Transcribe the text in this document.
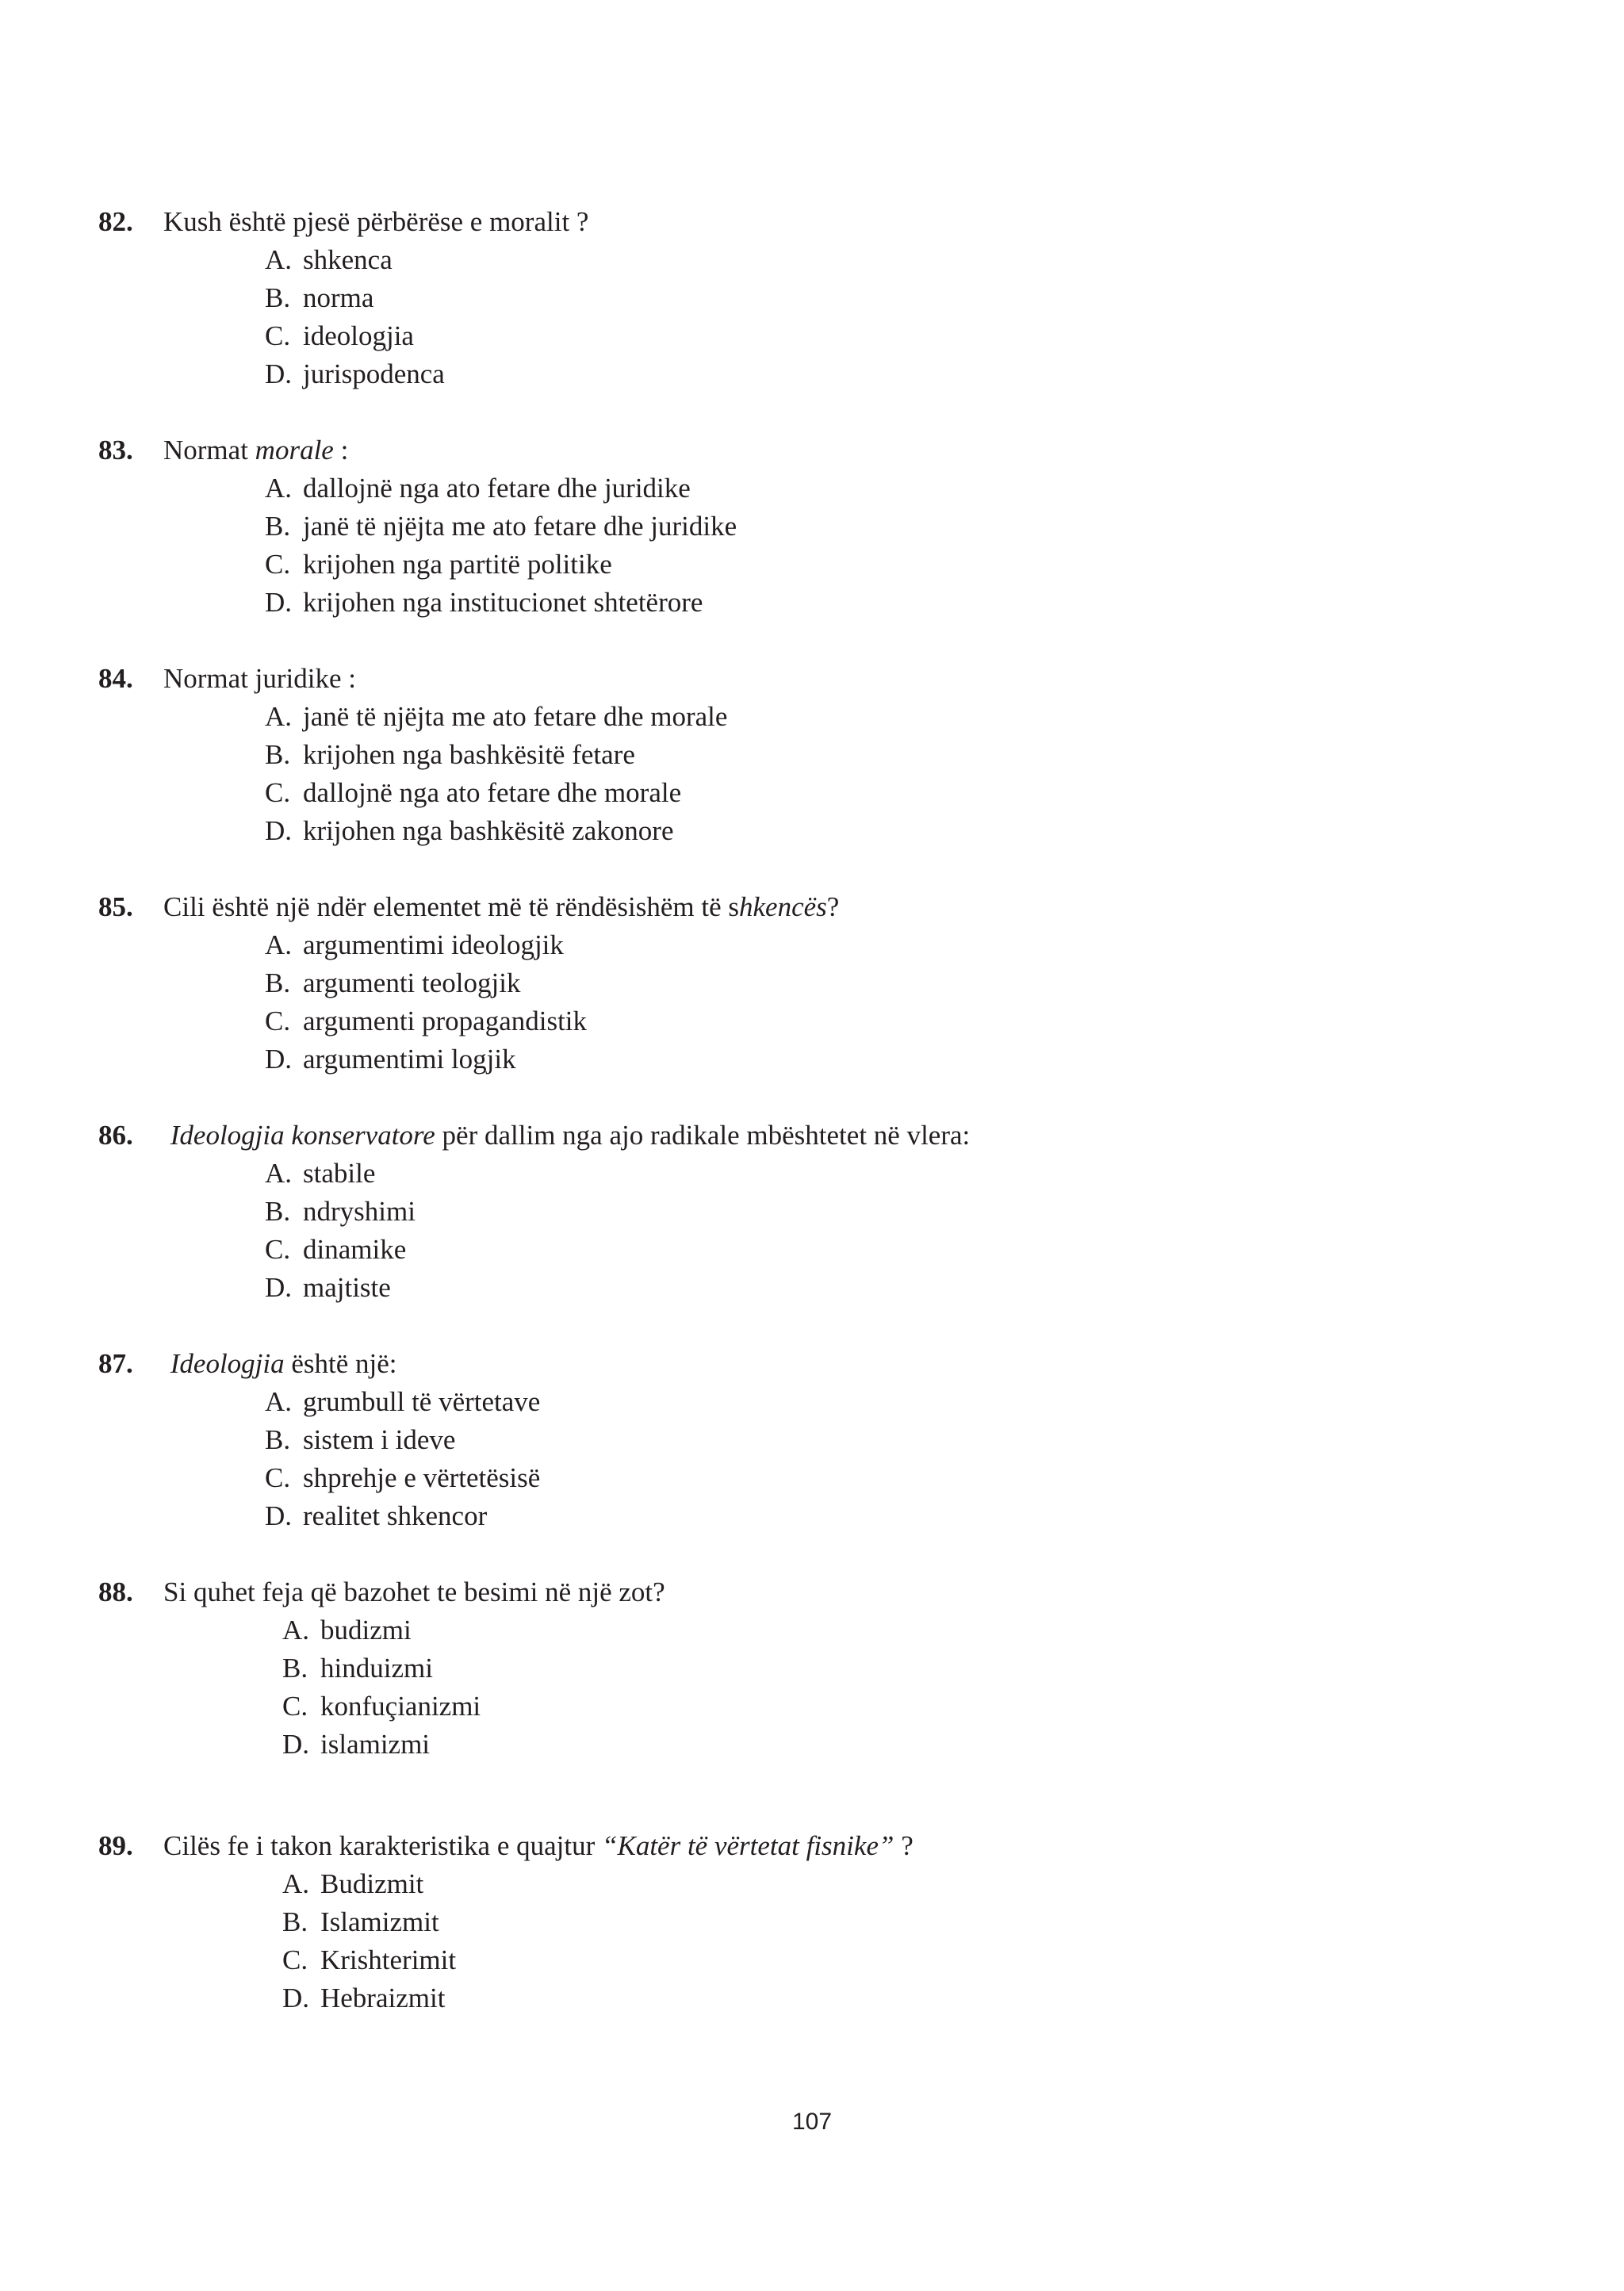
82. Kush është pjesë përbërëse e moralit ?
A. shkenca
B. norma
C. ideologjia
D. jurispodenca
83. Normat morale :
A. dallojnë nga ato fetare dhe juridike
B. janë të njëjta me ato fetare dhe juridike
C. krijohen nga partitë politike
D. krijohen nga institucionet shtetërore
84. Normat juridike :
A. janë të njëjta me ato fetare dhe morale
B. krijohen nga bashkësitë fetare
C. dallojnë nga ato fetare dhe morale
D. krijohen nga bashkësitë zakonore
85. Cili është një ndër elementet më të rëndësishëm të shkencës?
A. argumentimi ideologjik
B. argumenti teologjik
C. argumenti propagandistik
D. argumentimi logjik
86. Ideologjia konservatore për dallim nga ajo radikale mbështetet në vlera:
A. stabile
B. ndryshimi
C. dinamike
D. majtiste
87. Ideologjia është një:
A. grumbull të vërtetave
B. sistem i ideve
C. shprehje e vërtetësisë
D. realitet shkencor
88. Si quhet feja që bazohet te besimi në një zot?
A. budizmi
B. hinduizmi
C. konfuçianizmi
D. islamizmi
89. Cilës fe i takon karakteristika e quajtur “Katër të vërtetat fisnike” ?
A. Budizmit
B. Islamizmit
C. Krishterimit
D. Hebraizmit
107
